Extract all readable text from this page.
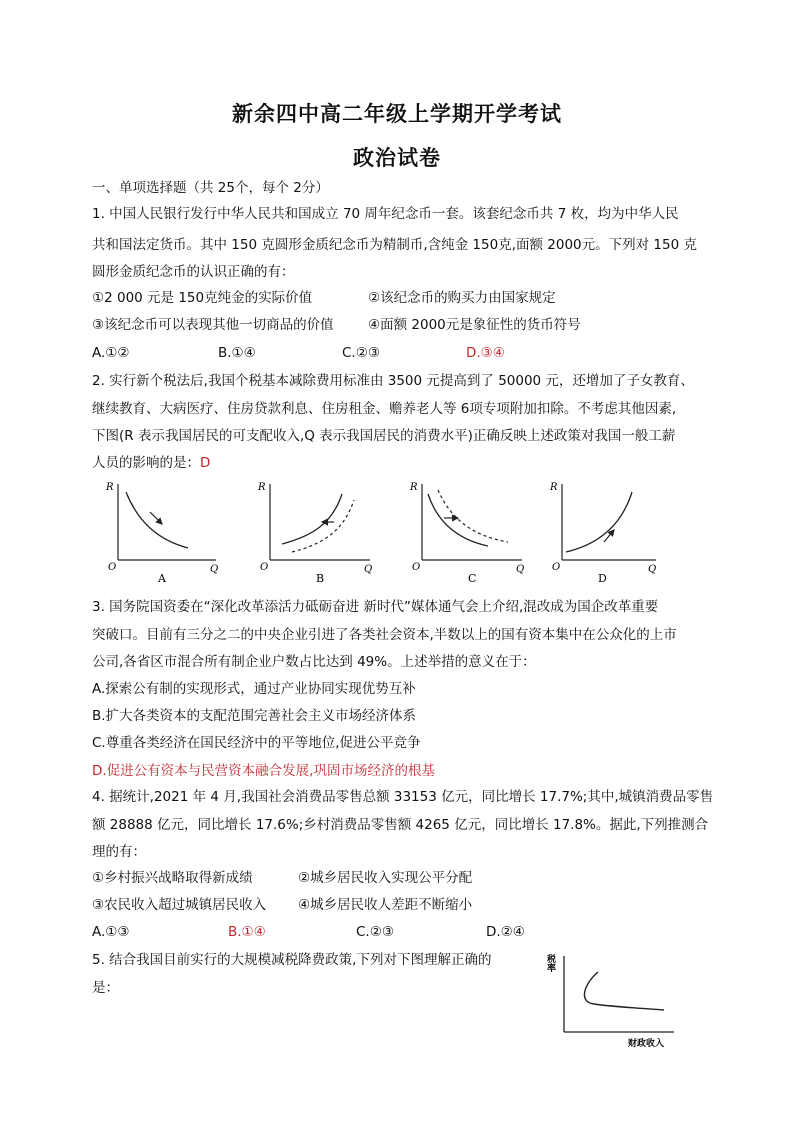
新余四中高二年级上学期开学考试
政治试卷
一、单项选择题（共 25个，每个 2分）
1. 中国人民银行发行中华人民共和国成立 70 周年纪念币一套。该套纪念币共 7 枚，均为中华人民
共和国法定货币。其中 150 克圆形金质纪念币为精制币,含纯金 150克,面额 2000元。下列对 150 克
圆形金质纪念币的认识正确的有：
①2 000 元是 150克纯金的实际价值	②该纪念币的购买力由国家规定
③该纪念币可以表现其他一切商品的价值	④面额 2000元是象征性的货币符号
A.①②	B.①④	C.②③	D.③④
2. 实行新个税法后,我国个税基本减除费用标准由 3500 元提高到了 50000 元，还增加了子女教育、
继续教育、大病医疗、住房贷款利息、住房租金、赡养老人等 6项专项附加扣除。不考虑其他因素,
下图(R 表示我国居民的可支配收入,Q 表示我国居民的消费水平)正确反映上述政策对我国一般工薪
人员的影响的是：D
R
Q
O
A
R
Q
O
B
R
Q
O
C
R
Q
O
D
3. 国务院国资委在“深化改革添活力砥砺奋进 新时代”媒体通气会上介绍,混改成为国企改革重要
突破口。目前有三分之二的中央企业引进了各类社会资本,半数以上的国有资本集中在公众化的上市
公司,各省区市混合所有制企业户数占比达到 49%。上述举措的意义在于：
A.探索公有制的实现形式，通过产业协同实现优势互补
B.扩大各类资本的支配范围完善社会主义市场经济体系
C.尊重各类经济在国民经济中的平等地位,促进公平竞争
D.促进公有资本与民营资本融合发展,巩固市场经济的根基
4. 据统计,2021 年 4 月,我国社会消费品零售总额 33153 亿元，同比增长 17.7%;其中,城镇消费品零售
额 28888 亿元，同比增长 17.6%;乡村消费品零售额 4265 亿元，同比增长 17.8%。据此,下列推测合
理的有：
①乡村振兴战略取得新成绩	②城乡居民收入实现公平分配
③农民收入超过城镇居民收入 ④城乡居民收人差距不断缩小
A.①③	B.①④	C.②③	D.②④
5. 结合我国目前实行的大规模减税降费政策,下列对下图理解正确的
是：
税率
财政收入
